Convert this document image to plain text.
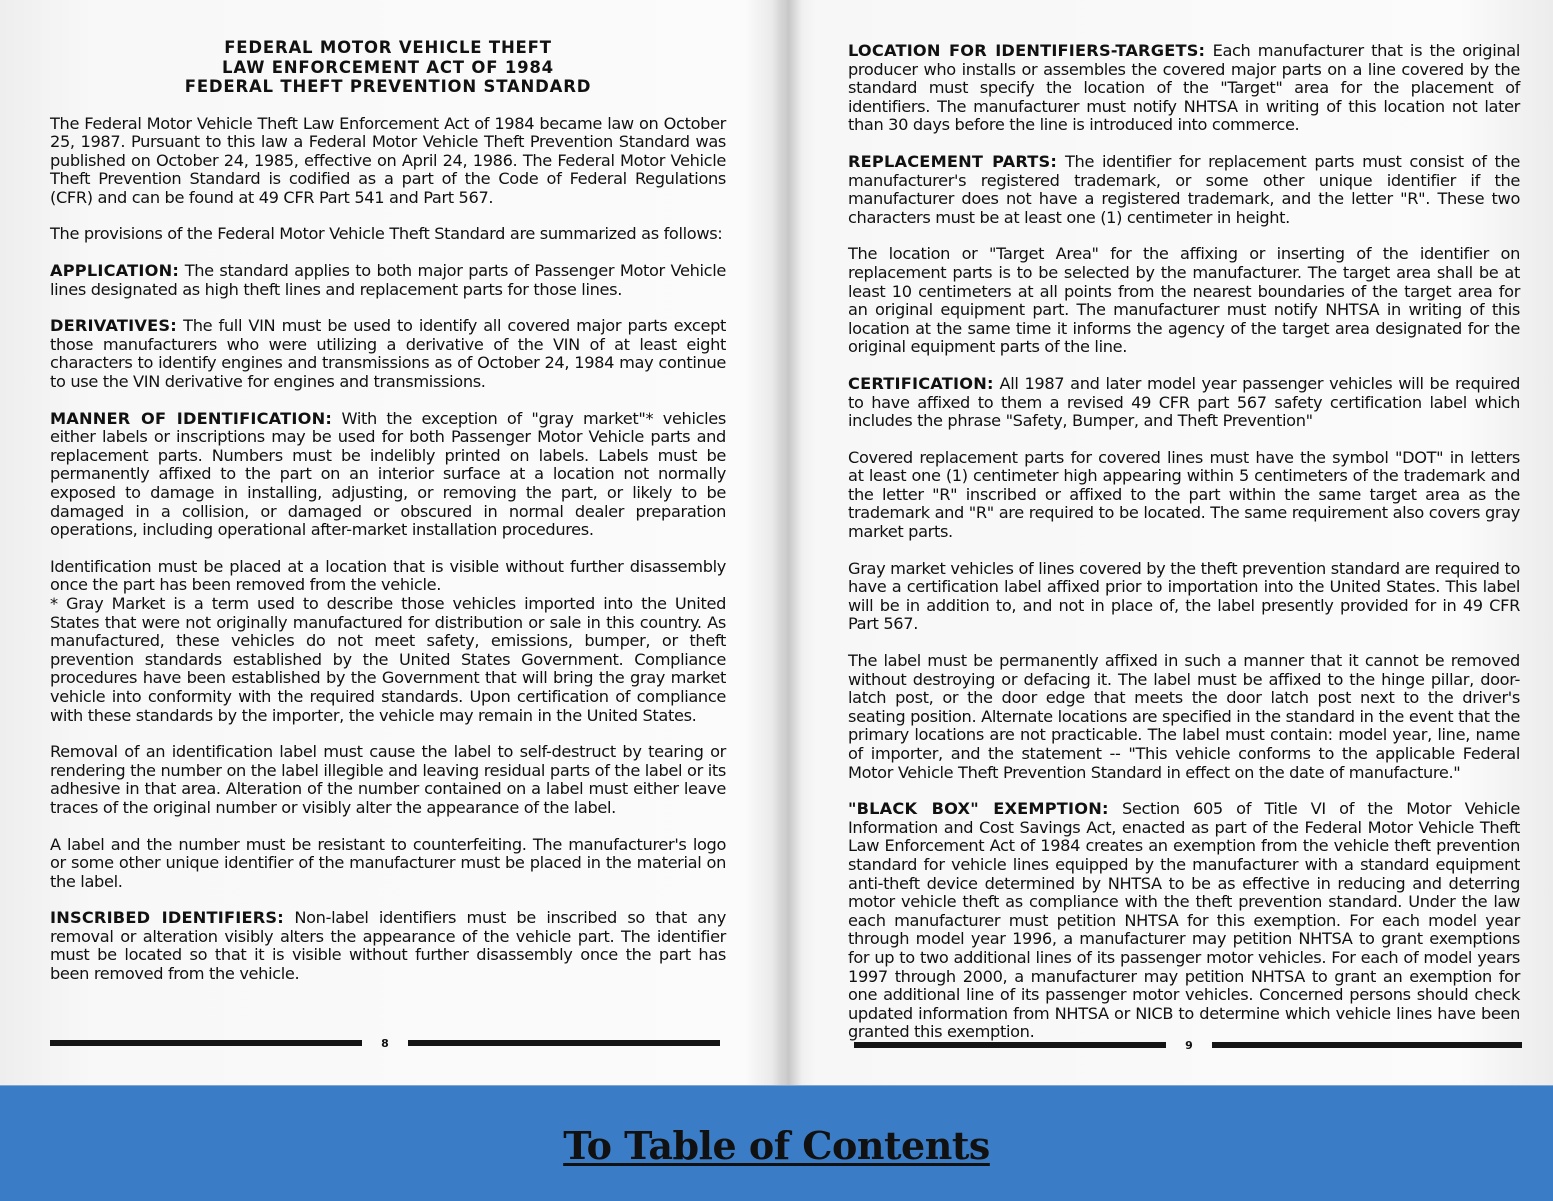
FEDERAL MOTOR VEHICLE THEFT
LAW ENFORCEMENT ACT OF 1984
FEDERAL THEFT PREVENTION STANDARD

The Federal Motor Vehicle Theft Law Enforcement Act of 1984 became law on October 25, 1987. Pursuant to this law a Federal Motor Vehicle Theft Prevention Standard was published on October 24, 1985, effective on April 24, 1986. The Federal Motor Vehicle Theft Prevention Standard is codified as a part of the Code of Federal Regulations (CFR) and can be found at 49 CFR Part 541 and Part 567.

The provisions of the Federal Motor Vehicle Theft Standard are summarized as follows:

APPLICATION: The standard applies to both major parts of Passenger Motor Vehicle lines designated as high theft lines and replacement parts for those lines.

DERIVATIVES: The full VIN must be used to identify all covered major parts except those manufacturers who were utilizing a derivative of the VIN of at least eight characters to identify engines and transmissions as of October 24, 1984 may continue to use the VIN derivative for engines and transmissions.

MANNER OF IDENTIFICATION: With the exception of "gray market"* vehicles either labels or inscriptions may be used for both Passenger Motor Vehicle parts and replacement parts. Numbers must be indelibly printed on labels. Labels must be permanently affixed to the part on an interior surface at a location not normally exposed to damage in installing, adjusting, or removing the part, or likely to be damaged in a collision, or damaged or obscured in normal dealer preparation operations, including operational after-market installation procedures.

Identification must be placed at a location that is visible without further disassembly once the part has been removed from the vehicle.

* Gray Market is a term used to describe those vehicles imported into the United States that were not originally manufactured for distribution or sale in this country. As manufactured, these vehicles do not meet safety, emissions, bumper, or theft prevention standards established by the United States Government. Compliance procedures have been established by the Government that will bring the gray market vehicle into conformity with the required standards. Upon certification of compliance with these standards by the importer, the vehicle may remain in the United States.

Removal of an identification label must cause the label to self-destruct by tearing or rendering the number on the label illegible and leaving residual parts of the label or its adhesive in that area. Alteration of the number contained on a label must either leave traces of the original number or visibly alter the appearance of the label.

A label and the number must be resistant to counterfeiting. The manufacturer's logo or some other unique identifier of the manufacturer must be placed in the material on the label.

INSCRIBED IDENTIFIERS: Non-label identifiers must be inscribed so that any removal or alteration visibly alters the appearance of the vehicle part. The identifier must be located so that it is visible without further disassembly once the part has been removed from the vehicle.

8

LOCATION FOR IDENTIFIERS-TARGETS: Each manufacturer that is the original producer who installs or assembles the covered major parts on a line covered by the standard must specify the location of the "Target" area for the placement of identifiers. The manufacturer must notify NHTSA in writing of this location not later than 30 days before the line is introduced into commerce.

REPLACEMENT PARTS: The identifier for replacement parts must consist of the manufacturer's registered trademark, or some other unique identifier if the manufacturer does not have a registered trademark, and the letter "R". These two characters must be at least one (1) centimeter in height.

The location or "Target Area" for the affixing or inserting of the identifier on replacement parts is to be selected by the manufacturer. The target area shall be at least 10 centimeters at all points from the nearest boundaries of the target area for an original equipment part. The manufacturer must notify NHTSA in writing of this location at the same time it informs the agency of the target area designated for the original equipment parts of the line.

CERTIFICATION: All 1987 and later model year passenger vehicles will be required to have affixed to them a revised 49 CFR part 567 safety certification label which includes the phrase "Safety, Bumper, and Theft Prevention"

Covered replacement parts for covered lines must have the symbol "DOT" in letters at least one (1) centimeter high appearing within 5 centimeters of the trademark and the letter "R" inscribed or affixed to the part within the same target area as the trademark and "R" are required to be located. The same requirement also covers gray market parts.

Gray market vehicles of lines covered by the theft prevention standard are required to have a certification label affixed prior to importation into the United States. This label will be in addition to, and not in place of, the label presently provided for in 49 CFR Part 567.

The label must be permanently affixed in such a manner that it cannot be removed without destroying or defacing it. The label must be affixed to the hinge pillar, door-latch post, or the door edge that meets the door latch post next to the driver's seating position. Alternate locations are specified in the standard in the event that the primary locations are not practicable. The label must contain: model year, line, name of importer, and the statement -- "This vehicle conforms to the applicable Federal Motor Vehicle Theft Prevention Standard in effect on the date of manufacture."

"BLACK BOX" EXEMPTION: Section 605 of Title VI of the Motor Vehicle Information and Cost Savings Act, enacted as part of the Federal Motor Vehicle Theft Law Enforcement Act of 1984 creates an exemption from the vehicle theft prevention standard for vehicle lines equipped by the manufacturer with a standard equipment anti-theft device determined by NHTSA to be as effective in reducing and deterring motor vehicle theft as compliance with the theft prevention standard. Under the law each manufacturer must petition NHTSA for this exemption. For each model year through model year 1996, a manufacturer may petition NHTSA to grant exemptions for up to two additional lines of its passenger motor vehicles. For each of model years 1997 through 2000, a manufacturer may petition NHTSA to grant an exemption for one additional line of its passenger motor vehicles. Concerned persons should check updated information from NHTSA or NICB to determine which vehicle lines have been granted this exemption.

9
To Table of Contents
